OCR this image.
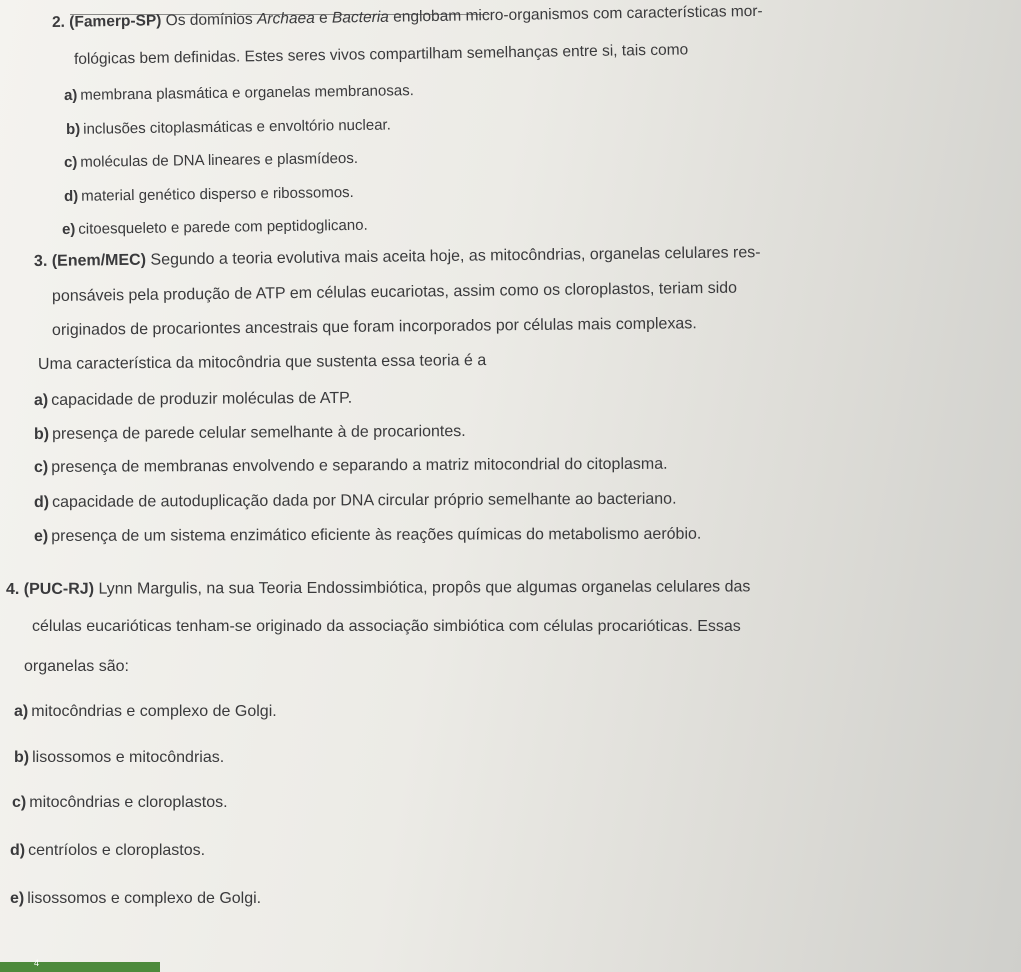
2. (Famerp-SP) Os domínios Archaea e Bacteria englobam micro-organismos com características mor-
fológicas bem definidas. Estes seres vivos compartilham semelhanças entre si, tais como
a) membrana plasmática e organelas membranosas.
b) inclusões citoplasmáticas e envoltório nuclear.
c) moléculas de DNA lineares e plasmídeos.
d) material genético disperso e ribossomos.
e) citoesqueleto e parede com peptidoglicano.
3. (Enem/MEC) Segundo a teoria evolutiva mais aceita hoje, as mitocôndrias, organelas celulares res-
ponsáveis pela produção de ATP em células eucariotas, assim como os cloroplastos, teriam sido
originados de procariontes ancestrais que foram incorporados por células mais complexas.
Uma característica da mitocôndria que sustenta essa teoria é a
a) capacidade de produzir moléculas de ATP.
b) presença de parede celular semelhante à de procariontes.
c) presença de membranas envolvendo e separando a matriz mitocondrial do citoplasma.
d) capacidade de autoduplicação dada por DNA circular próprio semelhante ao bacteriano.
e) presença de um sistema enzimático eficiente às reações químicas do metabolismo aeróbio.
4. (PUC-RJ) Lynn Margulis, na sua Teoria Endossimbiótica, propôs que algumas organelas celulares das
células eucarióticas tenham-se originado da associação simbiótica com células procarióticas. Essas
organelas são:
a) mitocôndrias e complexo de Golgi.
b) lisossomos e mitocôndrias.
c) mitocôndrias e cloroplastos.
d) centríolos e cloroplastos.
e) lisossomos e complexo de Golgi.
4
